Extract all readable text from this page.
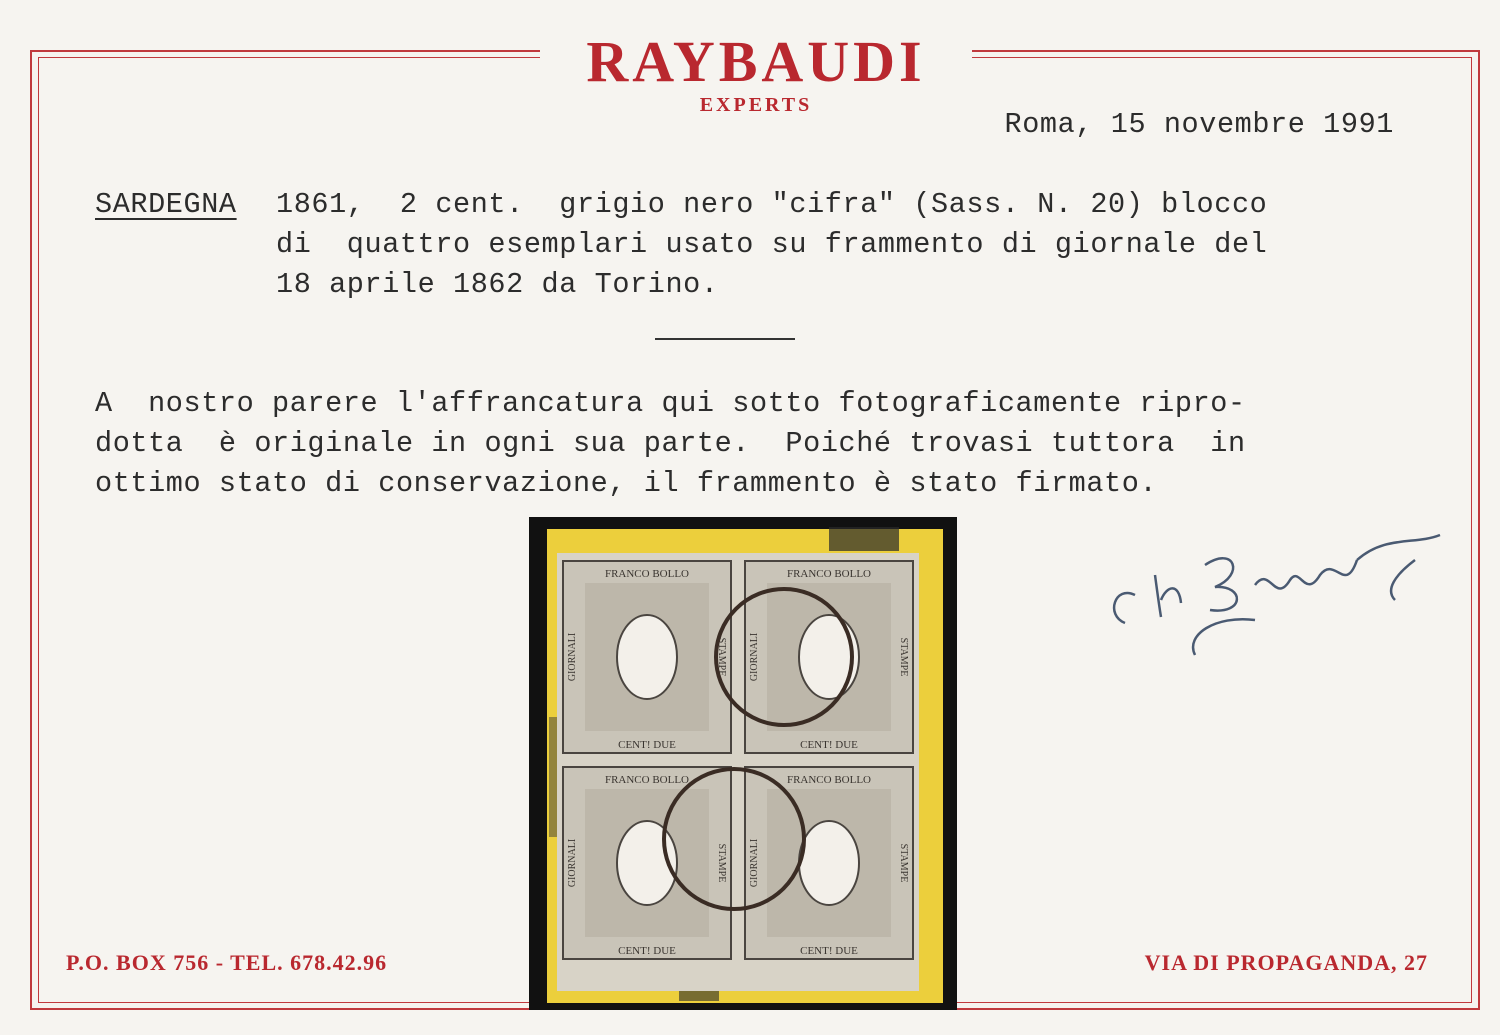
RAYBAUDI
EXPERTS
Roma, 15 novembre 1991
SARDEGNA 1861,  2 cent.  grigio nero "cifra" (Sass. N. 20) blocco
di  quattro esemplari usato su frammento di giornale del
18 aprile 1862 da Torino.
A  nostro parere l'affrancatura qui sotto fotograficamente ripro-
dotta  è originale in ogni sua parte.  Poiché trovasi tuttora  in
ottimo stato di conservazione, il frammento è stato firmato.
FRANCO BOLLO
CENT! DUE
GIORNALI	STAMPE
FRANCO BOLLO
CENT! DUE
GIORNALI	STAMPE
FRANCO BOLLO
CENT! DUE
GIORNALI	STAMPE
FRANCO BOLLO
CENT! DUE
GIORNALI	STAMPE
P.O. BOX 756 - TEL. 678.42.96	VIA DI PROPAGANDA, 27
